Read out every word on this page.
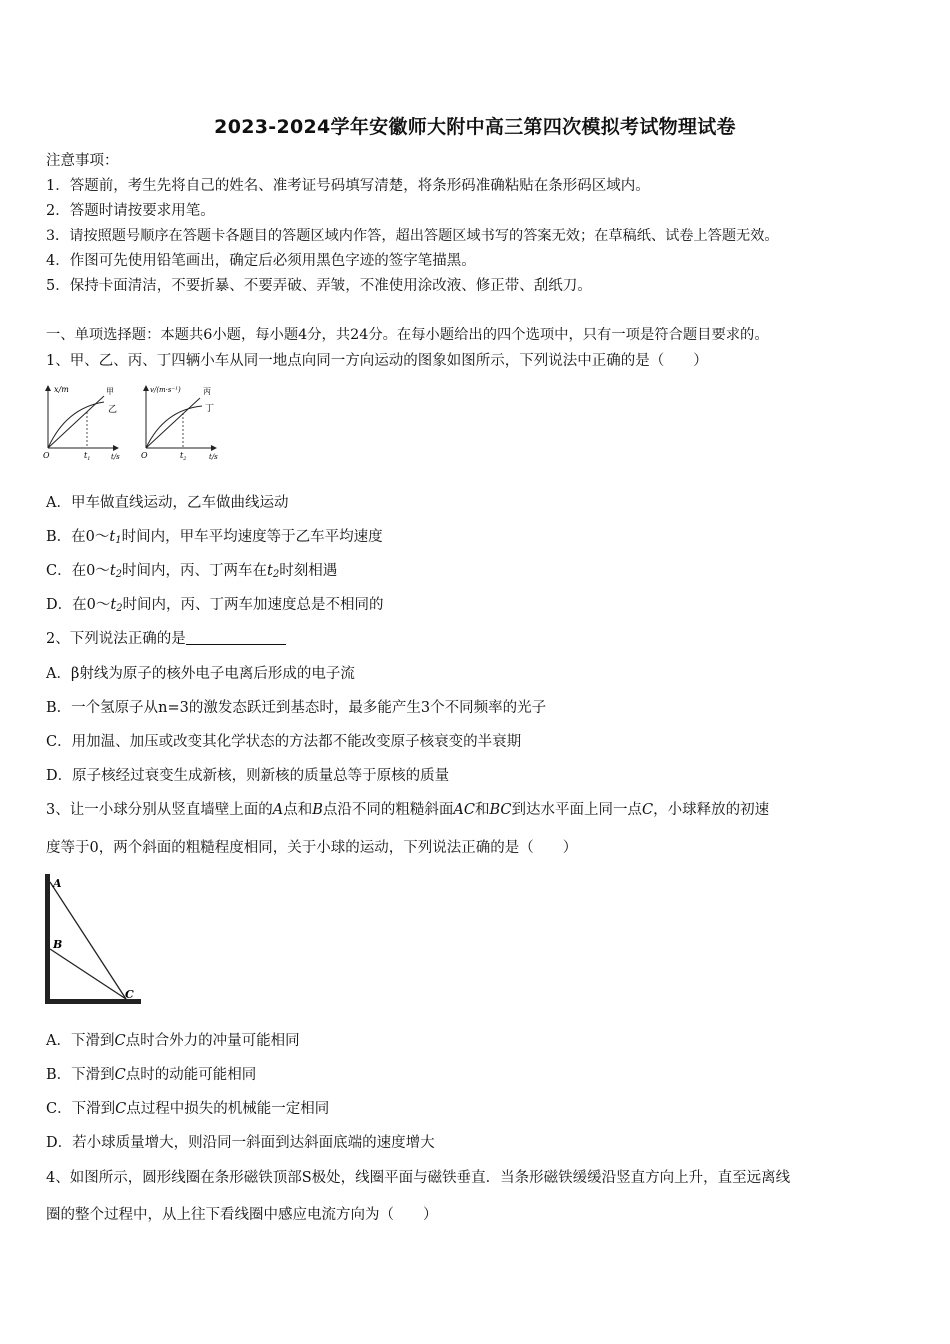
2023-2024学年安徽师大附中高三第四次模拟考试物理试卷
注意事项：
1．答题前，考生先将自己的姓名、准考证号码填写清楚，将条形码准确粘贴在条形码区域内。
2．答题时请按要求用笔。
3．请按照题号顺序在答题卡各题目的答题区域内作答，超出答题区域书写的答案无效；在草稿纸、试卷上答题无效。
4．作图可先使用铅笔画出，确定后必须用黑色字迹的签字笔描黑。
5．保持卡面清洁，不要折暴、不要弄破、弄皱，不准使用涂改液、修正带、刮纸刀。
一、单项选择题：本题共6小题，每小题4分，共24分。在每小题给出的四个选项中，只有一项是符合题目要求的。
1、甲、乙、丙、丁四辆小车从同一地点向同一方向运动的图象如图所示，下列说法中正确的是（　　）
x/m	甲
乙
O	$t_1$	t/s
v/(m·s⁻¹)	丙
丁
O	$t_2$	t/s
A．甲车做直线运动，乙车做曲线运动
B．在$0\sim t_1$时间内，甲车平均速度等于乙车平均速度
C．在$0\sim t_2$时间内，丙、丁两车在$t_2$时刻相遇
D．在$0\sim t_2$时间内，丙、丁两车加速度总是不相同的
2、下列说法正确的是
A．β射线为原子的核外电子电离后形成的电子流
B．一个氢原子从n=3的激发态跃迁到基态时，最多能产生3个不同频率的光子
C．用加温、加压或改变其化学状态的方法都不能改变原子核衰变的半衰期
D．原子核经过衰变生成新核，则新核的质量总等于原核的质量
3、让一小球分别从竖直墙壁上面的A点和B点沿不同的粗糙斜面AC和BC到达水平面上同一点C，小球释放的初速
度等于0，两个斜面的粗糙程度相同，关于小球的运动，下列说法正确的是（　　）
A
B
C
A．下滑到C点时合外力的冲量可能相同
B．下滑到C点时的动能可能相同
C．下滑到C点过程中损失的机械能一定相同
D．若小球质量增大，则沿同一斜面到达斜面底端的速度增大
4、如图所示，圆形线圈在条形磁铁顶部S极处，线圈平面与磁铁垂直．当条形磁铁缓缓沿竖直方向上升，直至远离线
圈的整个过程中，从上往下看线圈中感应电流方向为（　　）
